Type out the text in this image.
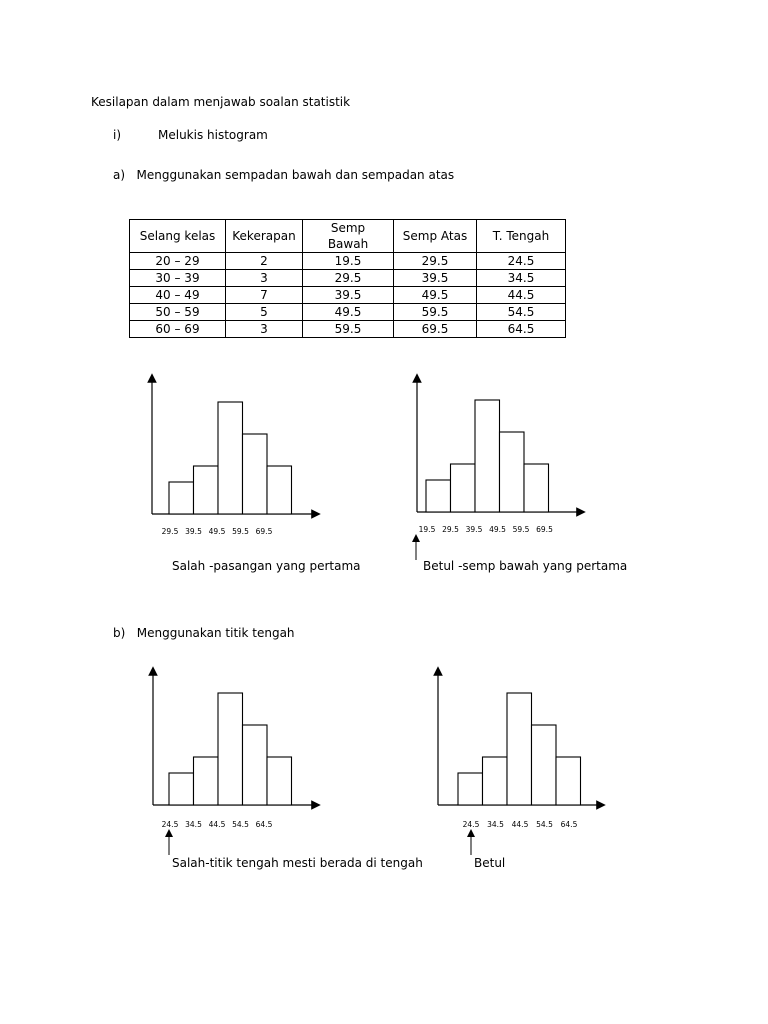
Kesilapan dalam menjawab soalan statistik
i)	Melukis histogram
a) Menggunakan sempadan bawah dan sempadan atas
Selang kelas	Kekerapan	Semp Bawah	Semp Atas	T. Tengah
20 – 29	2	19.5	29.5	24.5
30 – 39	3	29.5	39.5	34.5
40 – 49	7	39.5	49.5	44.5
50 – 59	5	49.5	59.5	54.5
60 – 69	3	59.5	69.5	64.5
29.5 39.5 49.5 59.5 69.5	19.5 29.5 39.5 49.5 59.5 69.5
24.5 34.5 44.5 54.5 64.5	24.5 34.5 44.5 54.5 64.5
Salah -pasangan yang pertama	Betul -semp bawah yang pertama
b) Menggunakan titik tengah
Salah-titik tengah mesti berada di tengah	Betul
